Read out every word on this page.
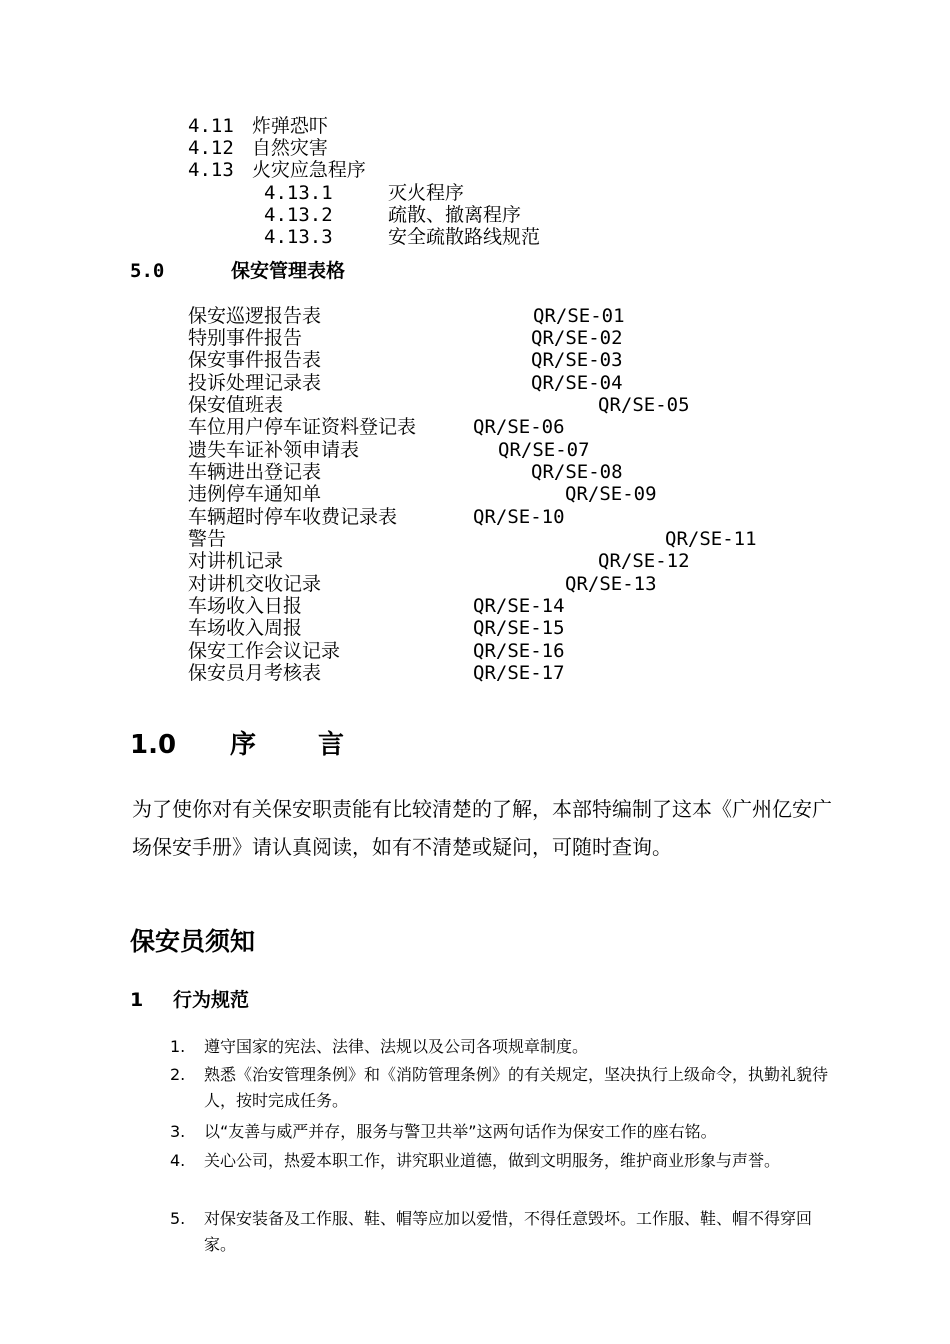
4.11 炸弹恐吓
4.12 自然灾害
4.13 火灾应急程序
4.13.1	灭火程序
4.13.2	疏散、撤离程序
4.13.3	安全疏散路线规范
5.0	保安管理表格
保安巡逻报告表	QR/SE-01
特别事件报告	QR/SE-02
保安事件报告表	QR/SE-03
投诉处理记录表	QR/SE-04
保安值班表	QR/SE-05
车位用户停车证资料登记表	QR/SE-06
遗失车证补领申请表	QR/SE-07
车辆进出登记表	QR/SE-08
违例停车通知单	QR/SE-09
车辆超时停车收费记录表	QR/SE-10
警告	QR/SE-11
对讲机记录	QR/SE-12
对讲机交收记录	QR/SE-13
车场收入日报	QR/SE-14
车场收入周报	QR/SE-15
保安工作会议记录	QR/SE-16
保安员月考核表	QR/SE-17
1.0 序 言
为了使你对有关保安职责能有比较清楚的了解，本部特编制了这本《广州亿安广场保安手册》请认真阅读，如有不清楚或疑问，可随时查询。
保安员须知
1 行为规范
1.	遵守国家的宪法、法律、法规以及公司各项规章制度。
2.	熟悉《治安管理条例》和《消防管理条例》的有关规定，坚决执行上级命令，执勤礼貌待人，按时完成任务。
3.	以“友善与威严并存，服务与警卫共举”这两句话作为保安工作的座右铭。
4.	关心公司，热爱本职工作，讲究职业道德，做到文明服务，维护商业形象与声誉。
5.	对保安装备及工作服、鞋、帽等应加以爱惜，不得任意毁坏。工作服、鞋、帽不得穿回家。
